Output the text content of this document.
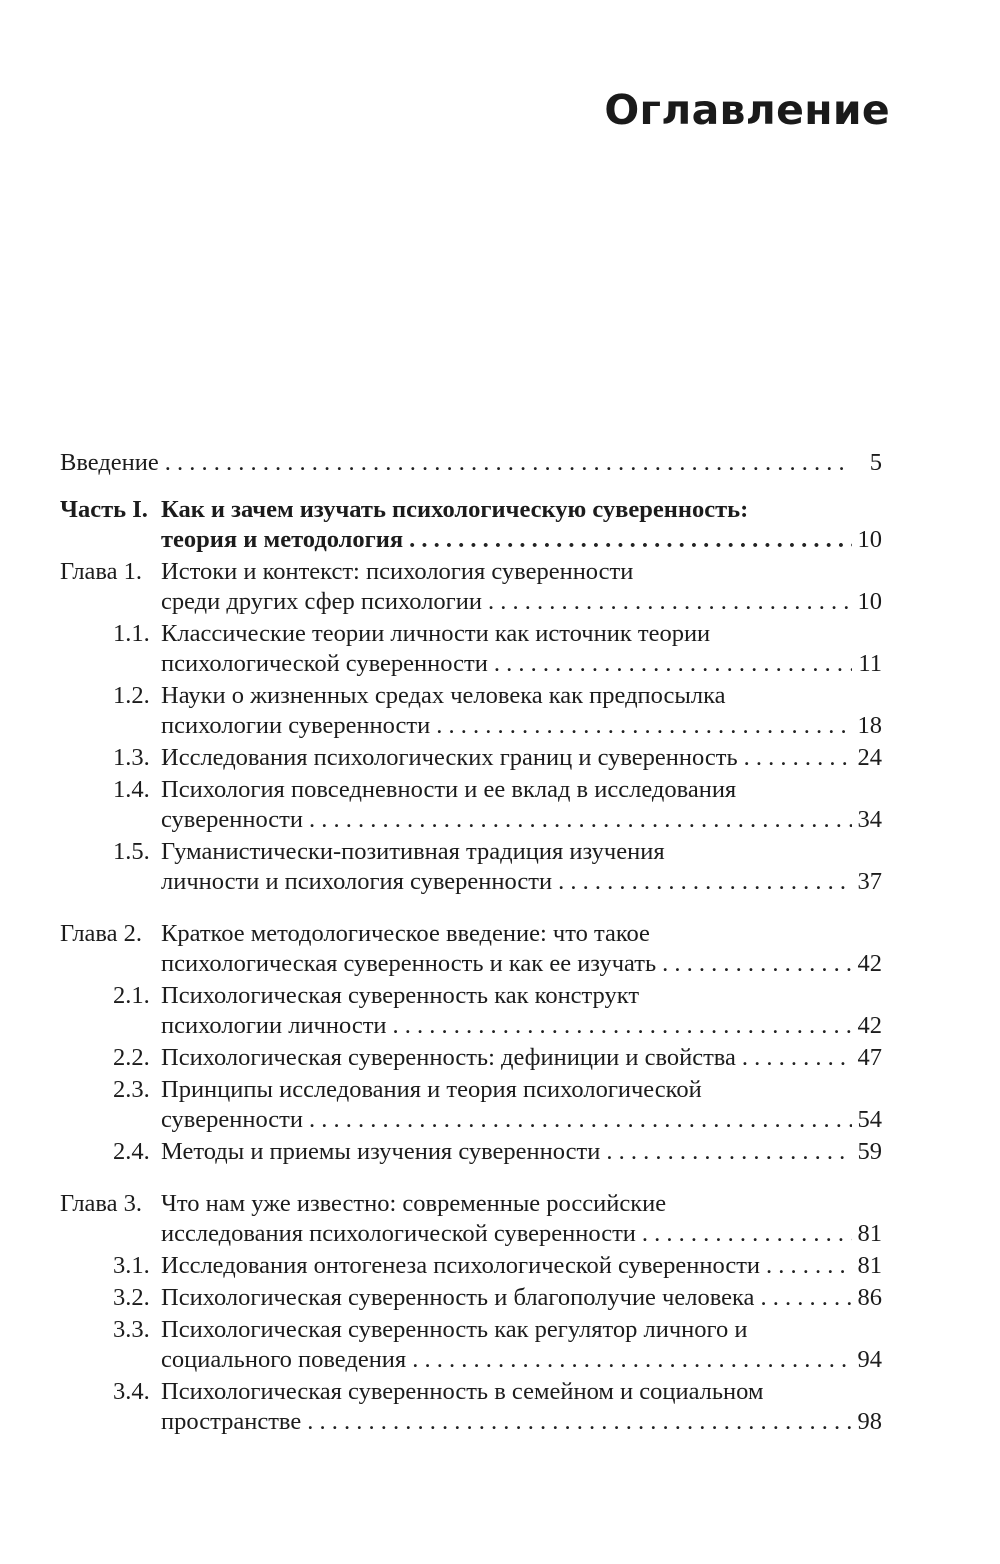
Оглавление
Введение . . .	5
Часть I. Как и зачем изучать психологическую суверенность:
теория и методология . . .	10
Глава 1. Истоки и контекст: психология суверенности
среди других сфер психологии . . .	10
1.1. Классические теории личности как источник теории
психологической суверенности . . .	11
1.2. Науки о жизненных средах человека как предпосылка
психологии суверенности . . .	18
1.3. Исследования психологических границ и суверенность . . .	24
1.4. Психология повседневности и ее вклад в исследования
суверенности . . .	34
1.5. Гуманистически-позитивная традиция изучения
личности и психология суверенности . . .	37
Глава 2. Краткое методологическое введение: что такое
психологическая суверенность и как ее изучать . . .	42
2.1. Психологическая суверенность как конструкт
психологии личности . . .	42
2.2. Психологическая суверенность: дефиниции и свойства . . .	47
2.3. Принципы исследования и теория психологической
суверенности . . .	54
2.4. Методы и приемы изучения суверенности . . .	59
Глава 3. Что нам уже известно: современные российские
исследования психологической суверенности . . .	81
3.1. Исследования онтогенеза психологической суверенности . . .	81
3.2. Психологическая суверенность и благополучие человека . . .	86
3.3. Психологическая суверенность как регулятор личного и
социального поведения . . .	94
3.4. Психологическая суверенность в семейном и социальном
пространстве . . .	98
